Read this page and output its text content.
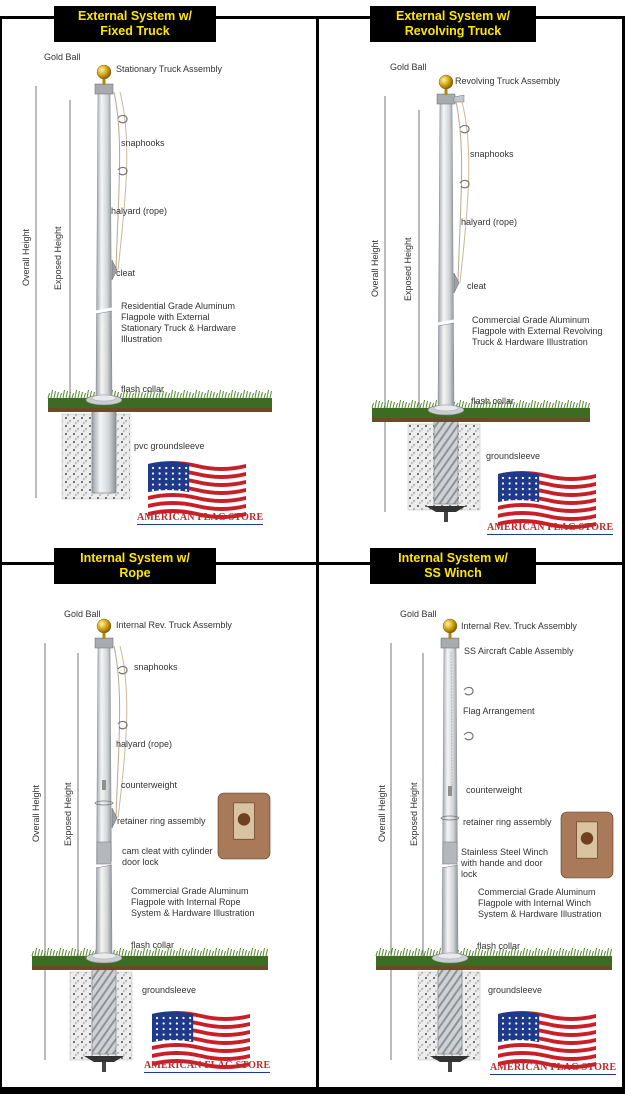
External System w/
Fixed Truck
Gold Ball
Stationary Truck Assembly
snaphooks
halyard (rope)
cleat
Residential Grade Aluminum Flagpole with External Stationary Truck & Hardware Illustration
flash collar
pvc groundsleeve
Overall Height Exposed Height
AMERICAN FLAG STORE
External System w/
Revolving Truck
Gold Ball
Revolving Truck Assembly
snaphooks
halyard (rope)
cleat
Commercial Grade Aluminum Flagpole with External Revolving Truck & Hardware Illustration
flash collar
groundsleeve
Overall Height	Exposed Height
AMERICAN FLAG STORE
Internal System w/
Rope
Gold Ball
Internal Rev. Truck Assembly
snaphooks
halyard (rope)
counterweight
retainer ring assembly
cam cleat with cylinder door lock
Commercial Grade Aluminum Flagpole with Internal Rope System & Hardware Illustration
flash collar
groundsleeve
Overall Height Exposed Height
AMERICAN FLAG STORE
Internal System w/
SS Winch
Gold Ball
Internal Rev. Truck Assembly
SS Aircraft Cable Assembly
Flag Arrangement
counterweight
retainer ring assembly
Stainless Steel Winch with hande and door lock
Commercial Grade Aluminum Flagpole with Internal Winch System & Hardware Illustration
flash collar
groundsleeve
Overall Height Exposed Height
AMERICAN FLAG STORE
